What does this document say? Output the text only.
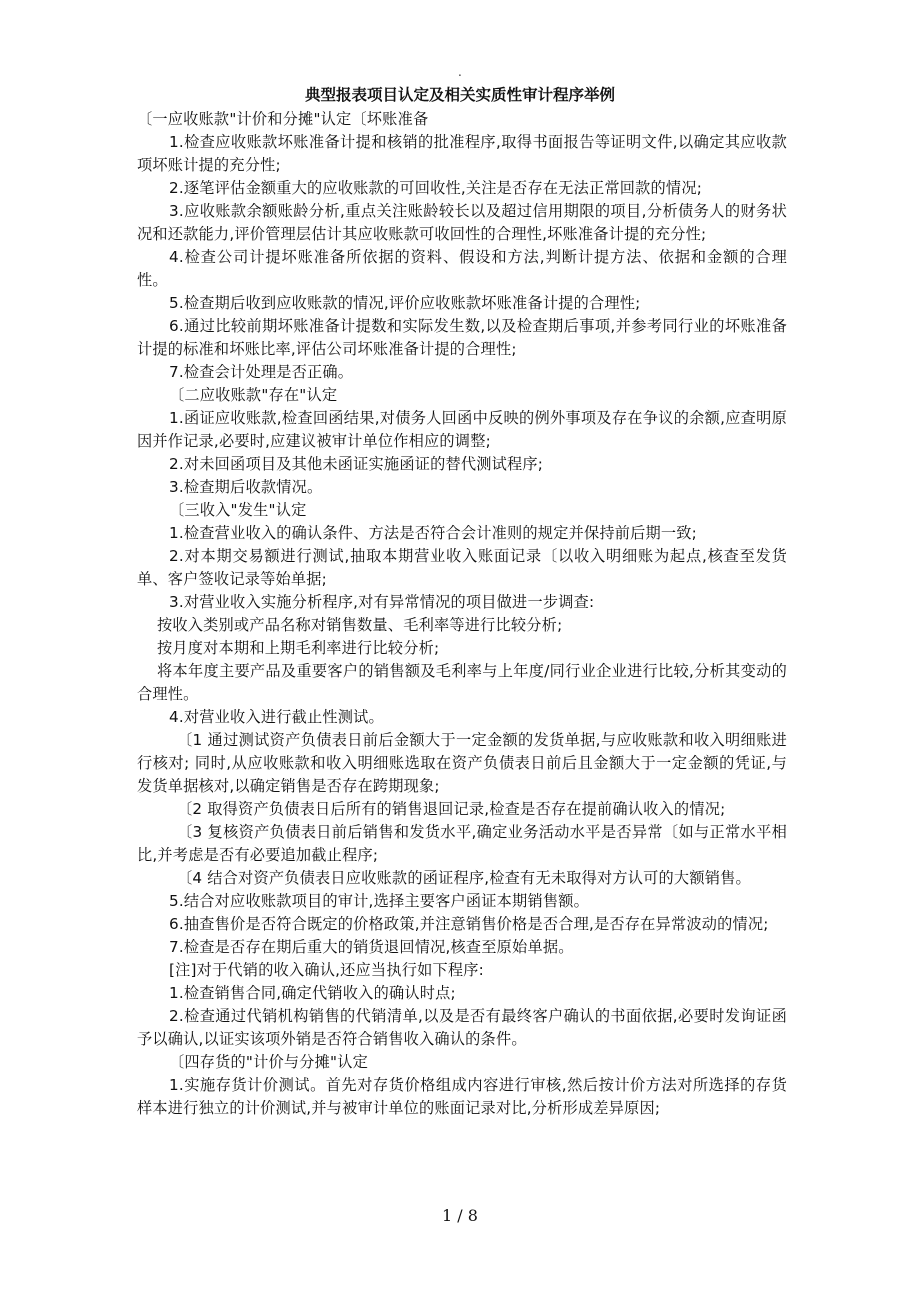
.
典型报表项目认定及相关实质性审计程序举例

〔一应收账款"计价和分摊"认定〔坏账准备

1.检查应收账款坏账准备计提和核销的批准程序,取得书面报告等证明文件,以确定其应收款项坏账计提的充分性;

2.逐笔评估金额重大的应收账款的可回收性,关注是否存在无法正常回款的情况;

3.应收账款余额账龄分析,重点关注账龄较长以及超过信用期限的项目,分析债务人的财务状况和还款能力,评价管理层估计其应收账款可收回性的合理性,坏账准备计提的充分性;

4.检查公司计提坏账准备所依据的资料、假设和方法,判断计提方法、依据和金额的合理性。

5.检查期后收到应收账款的情况,评价应收账款坏账准备计提的合理性;

6.通过比较前期坏账准备计提数和实际发生数,以及检查期后事项,并参考同行业的坏账准备计提的标准和坏账比率,评估公司坏账准备计提的合理性;

7.检查会计处理是否正确。

〔二应收账款"存在"认定

1.函证应收账款,检查回函结果,对债务人回函中反映的例外事项及存在争议的余额,应查明原因并作记录,必要时,应建议被审计单位作相应的调整;

2.对未回函项目及其他未函证实施函证的替代测试程序;

3.检查期后收款情况。

〔三收入"发生"认定

1.检查营业收入的确认条件、方法是否符合会计准则的规定并保持前后期一致;

2.对本期交易额进行测试,抽取本期营业收入账面记录〔以收入明细账为起点,核查至发货单、客户签收记录等始单据;

3.对营业收入实施分析程序,对有异常情况的项目做进一步调查:

按收入类别或产品名称对销售数量、毛利率等进行比较分析;

按月度对本期和上期毛利率进行比较分析;

将本年度主要产品及重要客户的销售额及毛利率与上年度/同行业企业进行比较,分析其变动的合理性。

4.对营业收入进行截止性测试。

〔1 通过测试资产负债表日前后金额大于一定金额的发货单据,与应收账款和收入明细账进行核对; 同时,从应收账款和收入明细账选取在资产负债表日前后且金额大于一定金额的凭证,与发货单据核对,以确定销售是否存在跨期现象;

〔2 取得资产负债表日后所有的销售退回记录,检查是否存在提前确认收入的情况;

〔3 复核资产负债表日前后销售和发货水平,确定业务活动水平是否异常〔如与正常水平相比,并考虑是否有必要追加截止程序;

〔4 结合对资产负债表日应收账款的函证程序,检查有无未取得对方认可的大额销售。

5.结合对应收账款项目的审计,选择主要客户函证本期销售额。

6.抽查售价是否符合既定的价格政策,并注意销售价格是否合理,是否存在异常波动的情况;

7.检查是否存在期后重大的销货退回情况,核查至原始单据。

[注]对于代销的收入确认,还应当执行如下程序:

1.检查销售合同,确定代销收入的确认时点;

2.检查通过代销机构销售的代销清单,以及是否有最终客户确认的书面依据,必要时发询证函予以确认,以证实该项外销是否符合销售收入确认的条件。

〔四存货的"计价与分摊"认定

1.实施存货计价测试。首先对存货价格组成内容进行审核,然后按计价方法对所选择的存货样本进行独立的计价测试,并与被审计单位的账面记录对比,分析形成差异原因;

1 / 8
